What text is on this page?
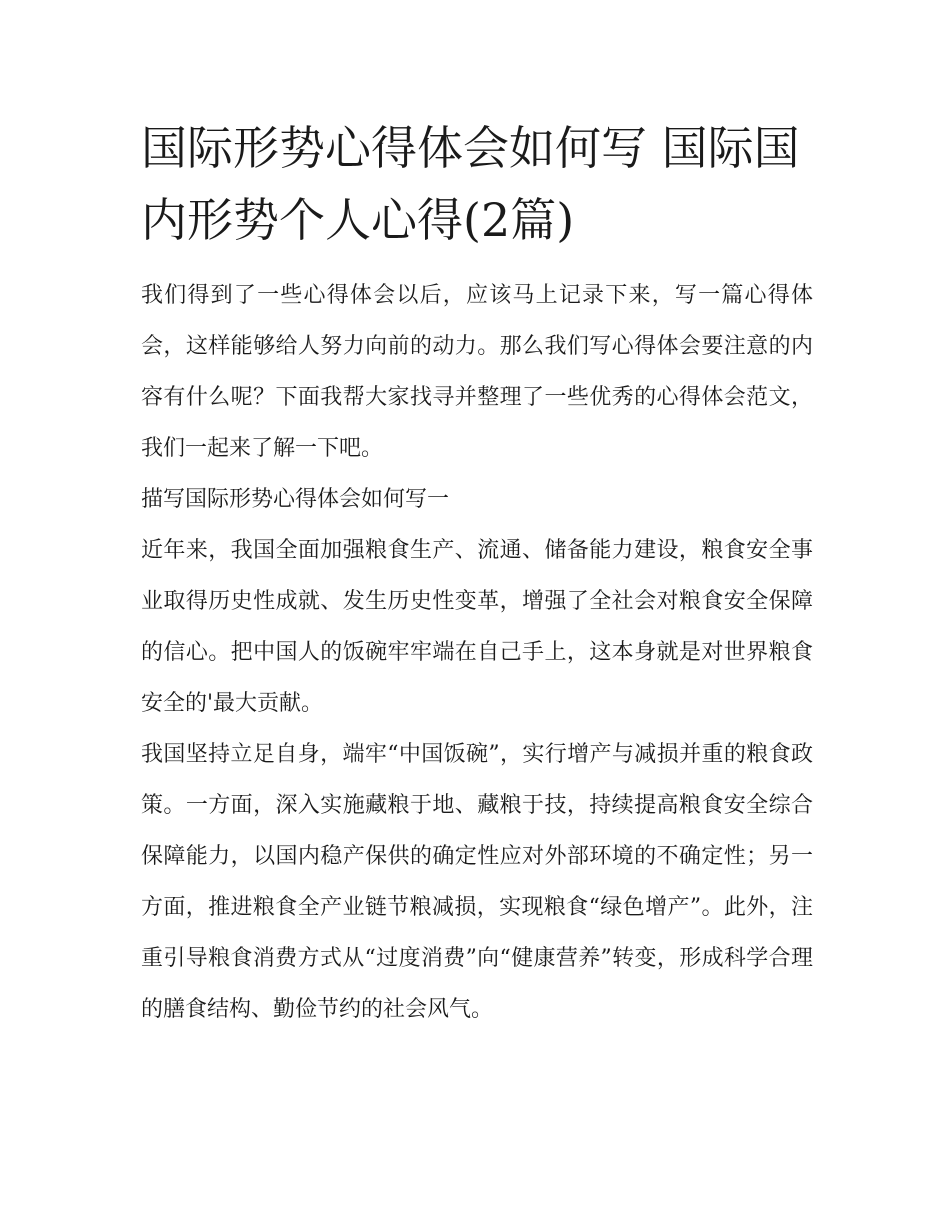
国际形势心得体会如何写 国际国内形势个人心得(2篇)

我们得到了一些心得体会以后，应该马上记录下来，写一篇心得体会，这样能够给人努力向前的动力。那么我们写心得体会要注意的内容有什么呢？下面我帮大家找寻并整理了一些优秀的心得体会范文，我们一起来了解一下吧。

描写国际形势心得体会如何写一

近年来，我国全面加强粮食生产、流通、储备能力建设，粮食安全事业取得历史性成就、发生历史性变革，增强了全社会对粮食安全保障的信心。把中国人的饭碗牢牢端在自己手上，这本身就是对世界粮食安全的'最大贡献。

我国坚持立足自身，端牢“中国饭碗”，实行增产与减损并重的粮食政策。一方面，深入实施藏粮于地、藏粮于技，持续提高粮食安全综合保障能力，以国内稳产保供的确定性应对外部环境的不确定性；另一方面，推进粮食全产业链节粮减损，实现粮食“绿色增产”。此外，注重引导粮食消费方式从“过度消费”向“健康营养”转变，形成科学合理的膳食结构、勤俭节约的社会风气。
